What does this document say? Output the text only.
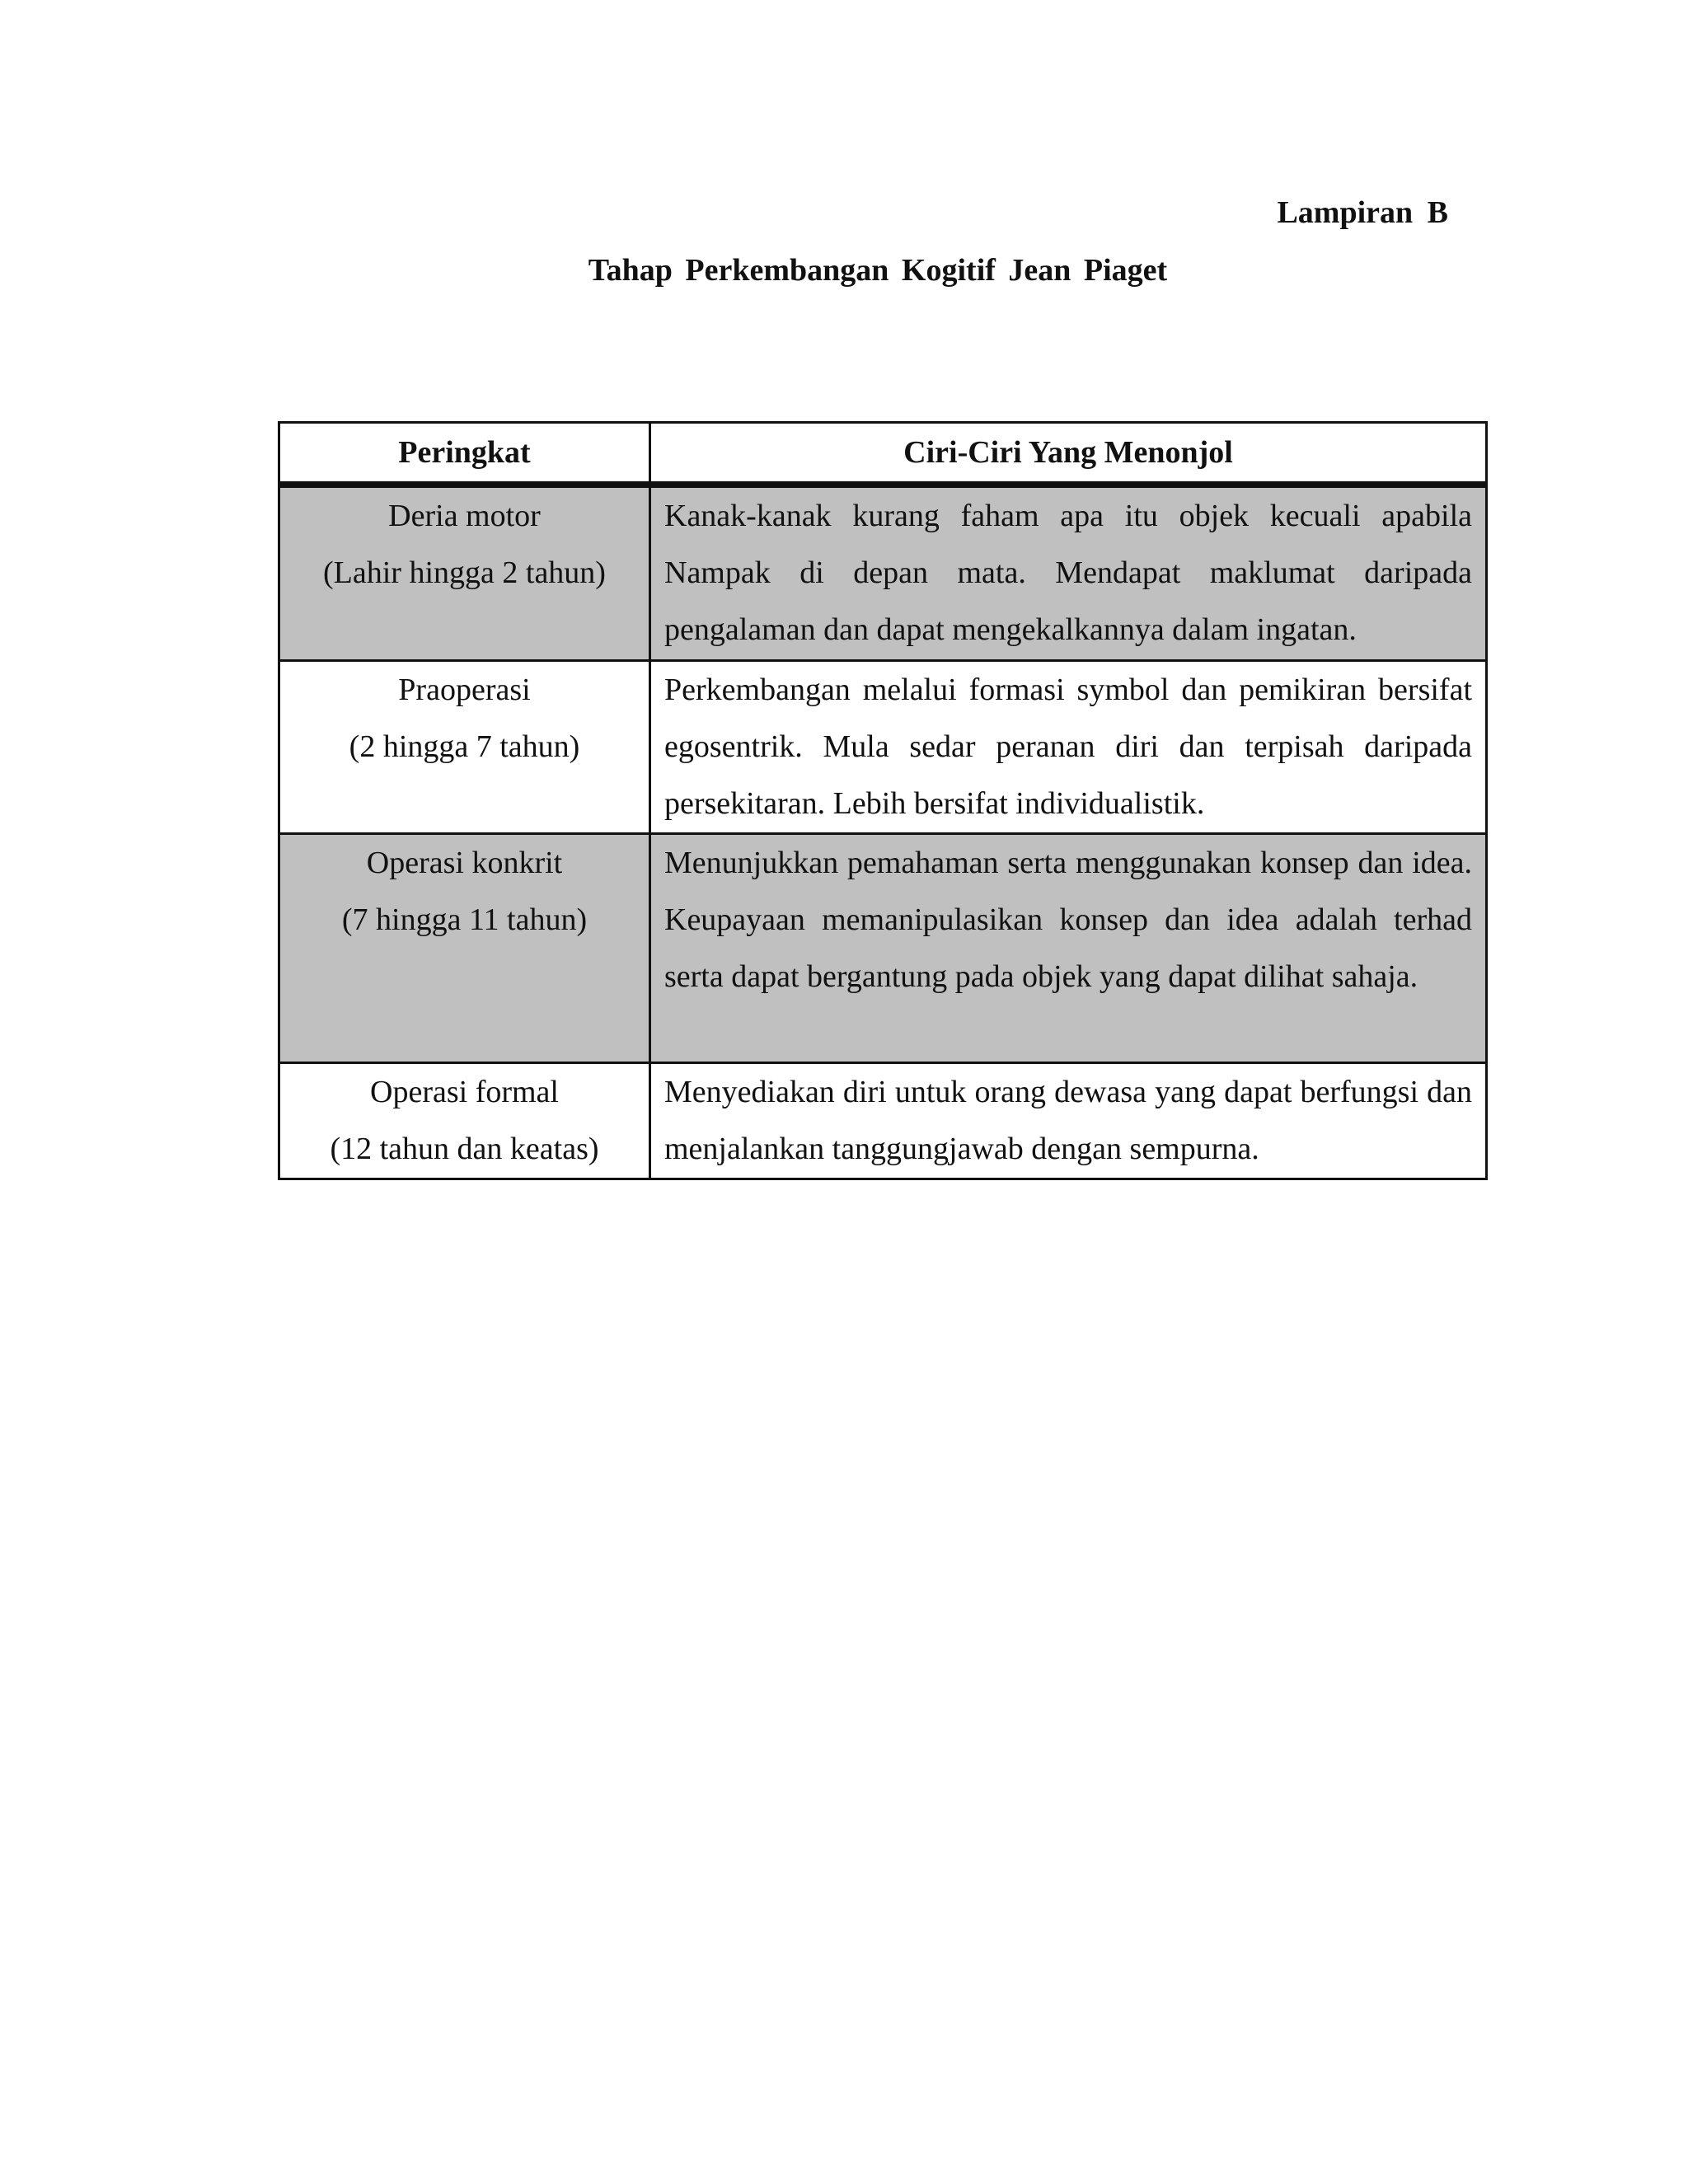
Lampiran B
Tahap Perkembangan Kogitif Jean Piaget
Peringkat	Ciri-Ciri Yang Menonjol

Deria motor
(Lahir hingga 2 tahun)	Kanak-kanak kurang faham apa itu objek kecuali apabila Nampak di depan mata. Mendapat maklumat daripada pengalaman dan dapat mengekalkannya dalam ingatan.

Praoperasi
(2 hingga 7 tahun)	Perkembangan melalui formasi symbol dan pemikiran bersifat egosentrik. Mula sedar peranan diri dan terpisah daripada persekitaran. Lebih bersifat individualistik.

Operasi konkrit
(7 hingga 11 tahun)	Menunjukkan pemahaman serta menggunakan konsep dan idea. Keupayaan memanipulasikan konsep dan idea adalah terhad serta dapat bergantung pada objek yang dapat dilihat sahaja.

Operasi formal
(12 tahun dan keatas)	Menyediakan diri untuk orang dewasa yang dapat berfungsi dan menjalankan tanggungjawab dengan sempurna.
